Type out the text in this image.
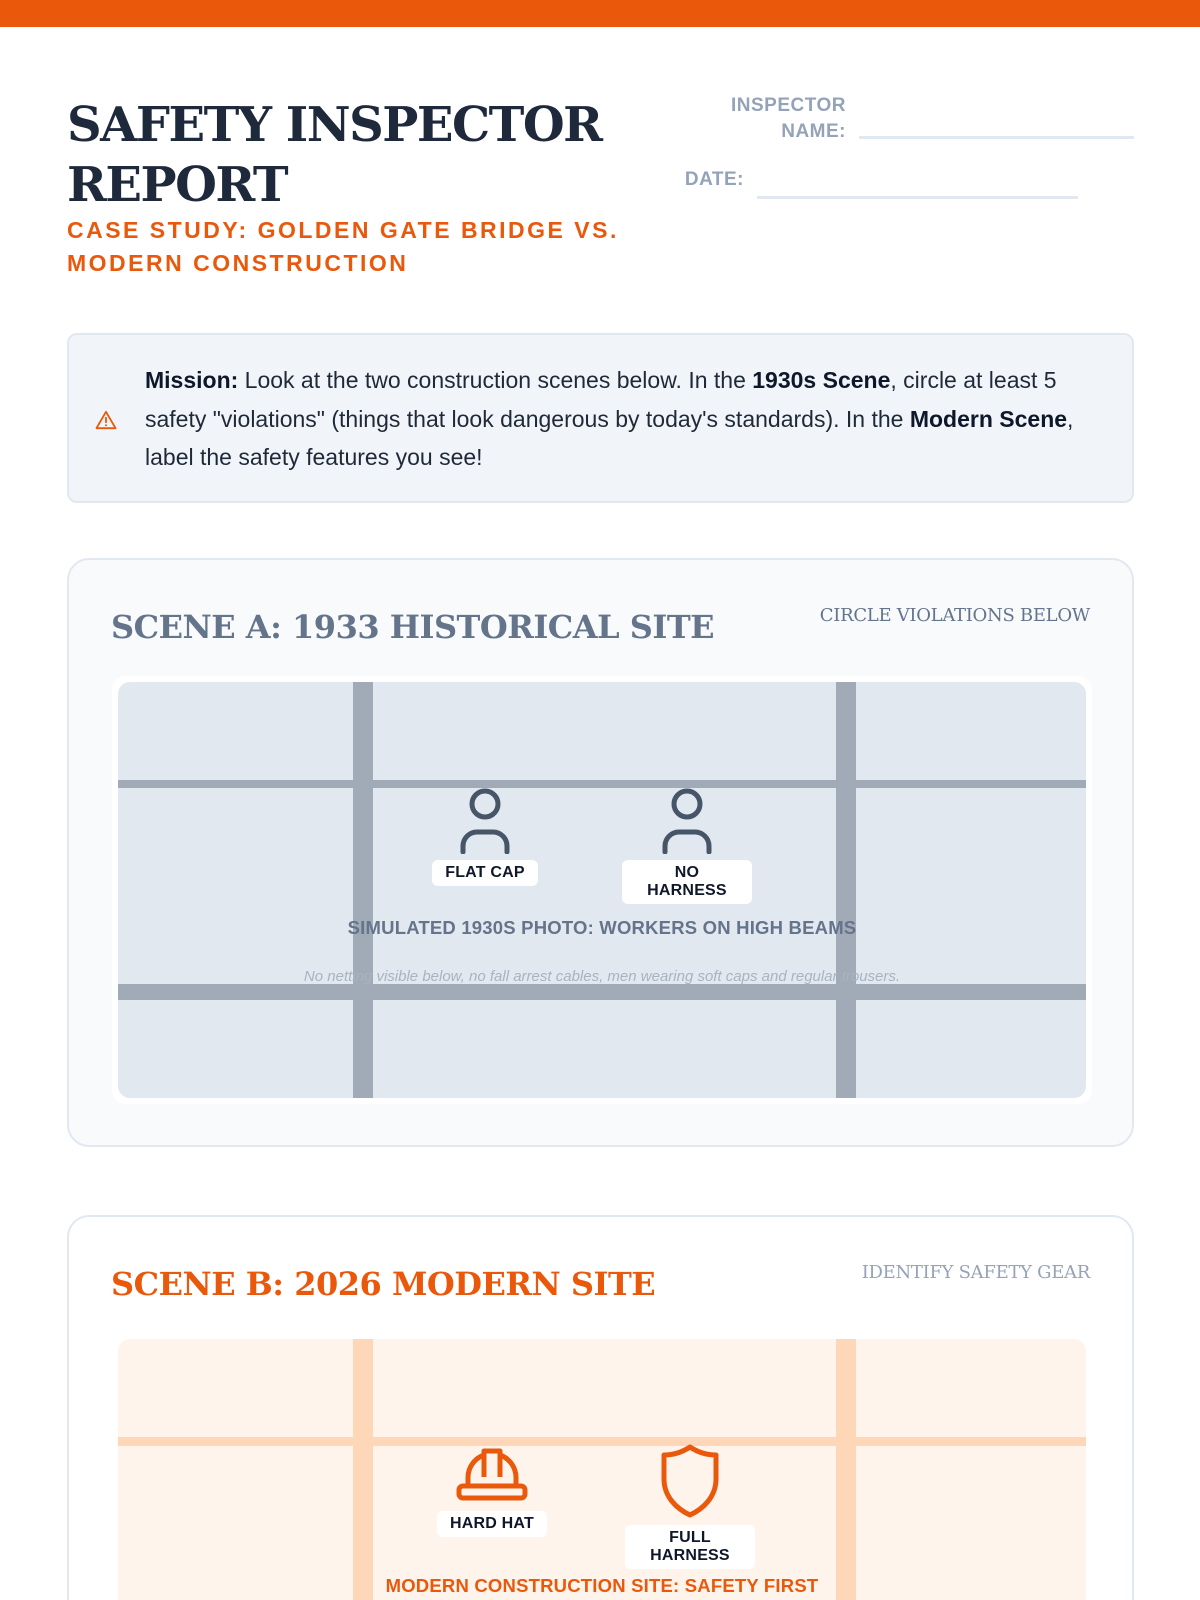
SAFETY INSPECTOR REPORT
CASE STUDY: GOLDEN GATE BRIDGE VS. MODERN CONSTRUCTION
INSPECTOR NAME:
DATE:

Mission: Look at the two construction scenes below. In the 1930s Scene, circle at least 5 safety "violations" (things that look dangerous by today's standards). In the Modern Scene, label the safety features you see!

SCENE A: 1933 HISTORICAL SITE	CIRCLE VIOLATIONS BELOW
FLAT CAP	NO HARNESS
SIMULATED 1930S PHOTO: WORKERS ON HIGH BEAMS
No netting visible below, no fall arrest cables, men wearing soft caps and regular trousers.
SCENE B: 2026 MODERN SITE	IDENTIFY SAFETY GEAR
HARD HAT
FULL HARNESS
MODERN CONSTRUCTION SITE: SAFETY FIRST
